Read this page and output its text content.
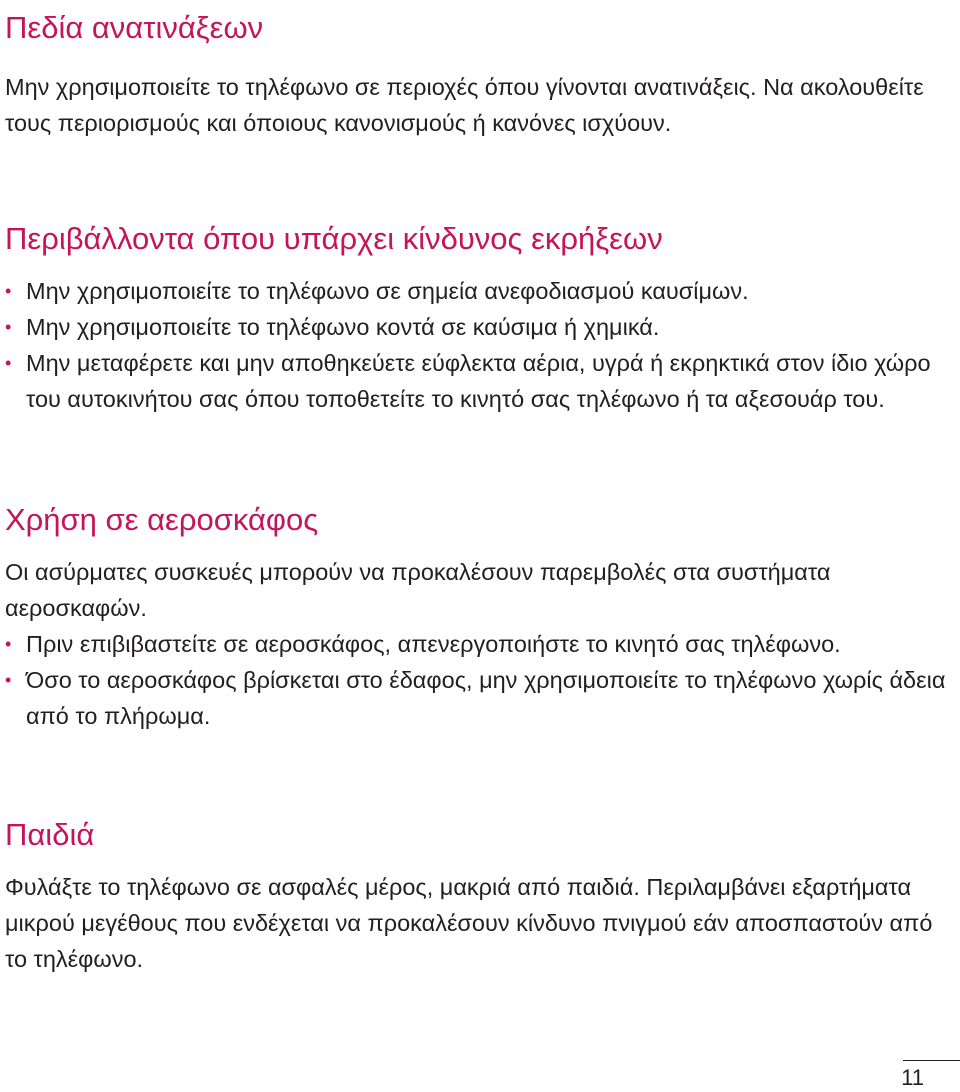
Πεδία ανατινάξεων

Μην χρησιμοποιείτε το τηλέφωνο σε περιοχές όπου γίνονται ανατινάξεις. Να ακολουθείτε τους περιορισμούς και όποιους κανονισμούς ή κανόνες ισχύουν.

Περιβάλλοντα όπου υπάρχει κίνδυνος εκρήξεων
• Μην χρησιμοποιείτε το τηλέφωνο σε σημεία ανεφοδιασμού καυσίμων.
• Μην χρησιμοποιείτε το τηλέφωνο κοντά σε καύσιμα ή χημικά.
• Μην μεταφέρετε και μην αποθηκεύετε εύφλεκτα αέρια, υγρά ή εκρηκτικά στον ίδιο χώρο του αυτοκινήτου σας όπου τοποθετείτε το κινητό σας τηλέφωνο ή τα αξεσουάρ του.
Χρήση σε αεροσκάφος

Οι ασύρματες συσκευές μπορούν να προκαλέσουν παρεμβολές στα συστήματα αεροσκαφών.

• Πριν επιβιβαστείτε σε αεροσκάφος, απενεργοποιήστε το κινητό σας τηλέφωνο.
• Όσο το αεροσκάφος βρίσκεται στο έδαφος, μην χρησιμοποιείτε το τηλέφωνο χωρίς άδεια από το πλήρωμα.
Παιδιά

Φυλάξτε το τηλέφωνο σε ασφαλές μέρος, μακριά από παιδιά. Περιλαμβάνει εξαρτήματα μικρού μεγέθους που ενδέχεται να προκαλέσουν κίνδυνο πνιγμού εάν αποσπαστούν από το τηλέφωνο.

11
